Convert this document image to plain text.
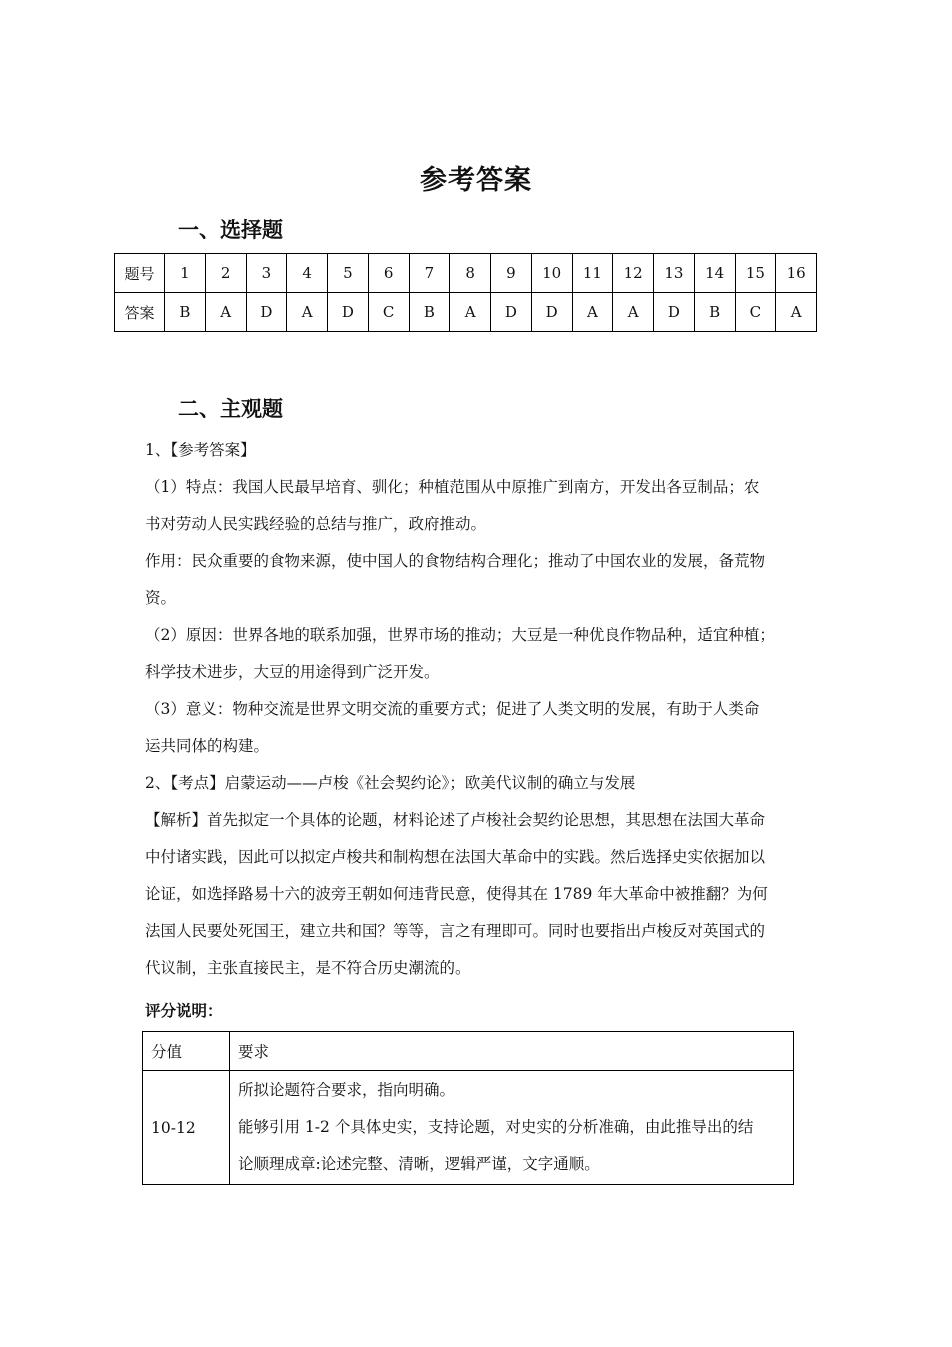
参考答案
一、选择题
题号	1	2	3	4	5	6	7	8	9	10	11	12	13	14	15	16
答案	B	A	D	A	D	C	B	A	D	D	A	A	D	B	C	A
二、主观题

1、【参考答案】

（1）特点：我国人民最早培育、驯化；种植范围从中原推广到南方，开发出各豆制品；农

书对劳动人民实践经验的总结与推广，政府推动。

作用：民众重要的食物来源，使中国人的食物结构合理化；推动了中国农业的发展，备荒物

资。

（2）原因：世界各地的联系加强，世界市场的推动；大豆是一种优良作物品种，适宜种植；

科学技术进步，大豆的用途得到广泛开发。

（3）意义：物种交流是世界文明交流的重要方式；促进了人类文明的发展，有助于人类命

运共同体的构建。

2、【考点】启蒙运动——卢梭《社会契约论》；欧美代议制的确立与发展

【解析】首先拟定一个具体的论题，材料论述了卢梭社会契约论思想，其思想在法国大革命

中付诸实践，因此可以拟定卢梭共和制构想在法国大革命中的实践。然后选择史实依据加以

论证，如选择路易十六的波旁王朝如何违背民意，使得其在 1789 年大革命中被推翻？为何

法国人民要处死国王，建立共和国？等等，言之有理即可。同时也要指出卢梭反对英国式的

代议制，主张直接民主，是不符合历史潮流的。

评分说明：
分值	要求
10-12	所拟论题符合要求，指向明确。

能够引用 1-2 个具体史实，支持论题，对史实的分析准确，由此推导出的结

论顺理成章:论述完整、清晰，逻辑严谨，文字通顺。
